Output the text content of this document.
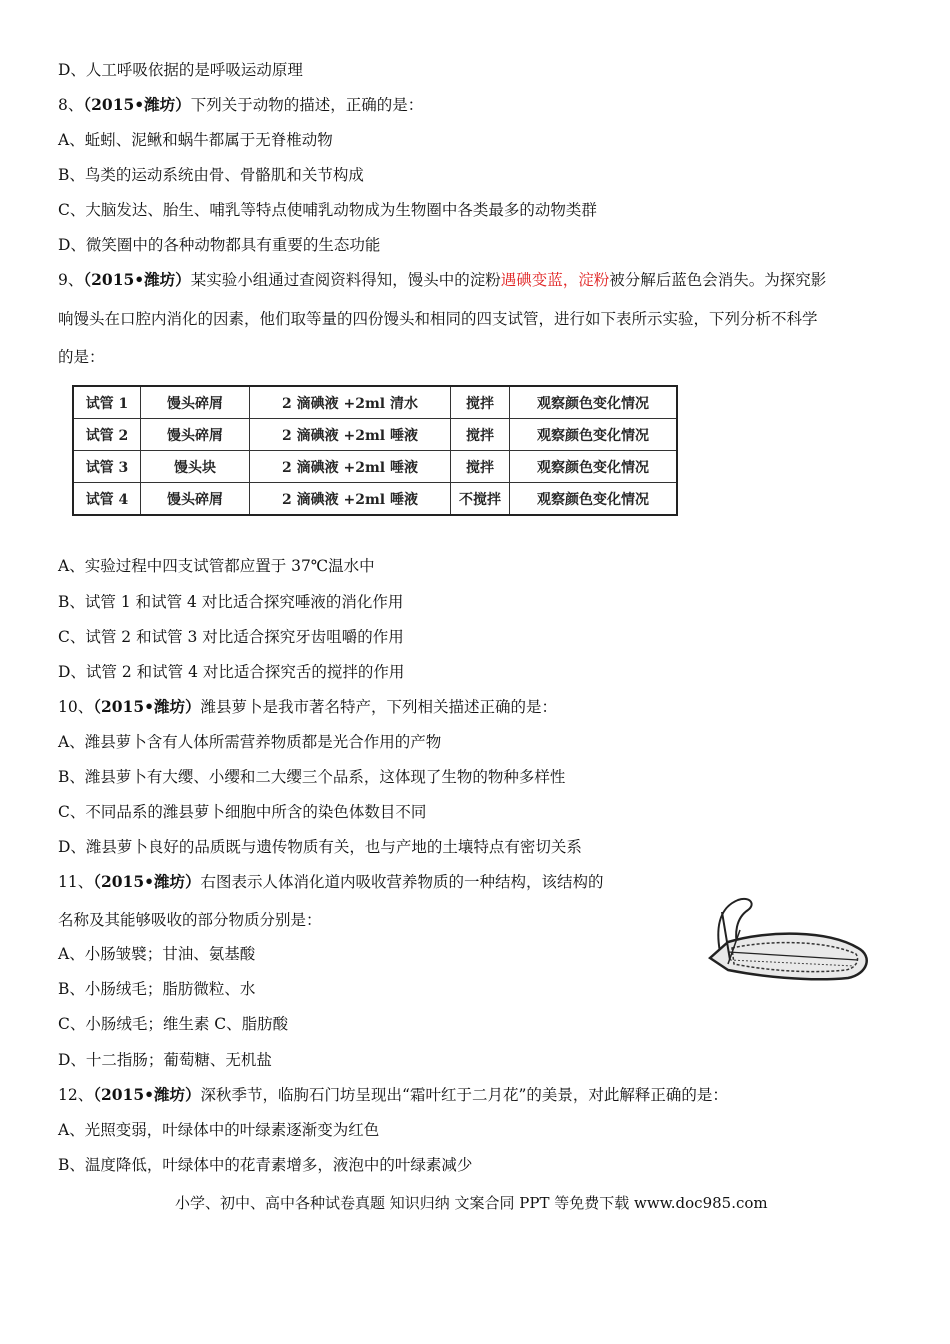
D、人工呼吸依据的是呼吸运动原理
8、（2015•潍坊）下列关于动物的描述，正确的是：
A、蚯蚓、泥鳅和蜗牛都属于无脊椎动物
B、鸟类的运动系统由骨、骨骼肌和关节构成
C、大脑发达、胎生、哺乳等特点使哺乳动物成为生物圈中各类最多的动物类群
D、微笑圈中的各种动物都具有重要的生态功能
9、（2015•潍坊）某实验小组通过查阅资料得知，馒头中的淀粉遇碘变蓝，淀粉被分解后蓝色会消失。为探究影
响馒头在口腔内消化的因素，他们取等量的四份馒头和相同的四支试管，进行如下表所示实验，下列分析不科学
的是：
试管 1	馒头碎屑	2 滴碘液 +2ml 清水	搅拌	观察颜色变化情况
试管 2	馒头碎屑	2 滴碘液 +2ml 唾液	搅拌	观察颜色变化情况
试管 3	馒头块	2 滴碘液 +2ml 唾液	搅拌	观察颜色变化情况
试管 4	馒头碎屑	2 滴碘液 +2ml 唾液	不搅拌	观察颜色变化情况
A、实验过程中四支试管都应置于 37℃温水中
B、试管 1 和试管 4 对比适合探究唾液的消化作用
C、试管 2 和试管 3 对比适合探究牙齿咀嚼的作用
D、试管 2 和试管 4 对比适合探究舌的搅拌的作用
10、（2015•潍坊）潍县萝卜是我市著名特产，下列相关描述正确的是：
A、潍县萝卜含有人体所需营养物质都是光合作用的产物
B、潍县萝卜有大缨、小缨和二大缨三个品系，这体现了生物的物种多样性
C、不同品系的潍县萝卜细胞中所含的染色体数目不同
D、潍县萝卜良好的品质既与遗传物质有关，也与产地的土壤特点有密切关系
11、（2015•潍坊）右图表示人体消化道内吸收营养物质的一种结构，该结构的
名称及其能够吸收的部分物质分别是：
A、小肠皱襞；甘油、氨基酸
B、小肠绒毛；脂肪微粒、水
C、小肠绒毛；维生素 C、脂肪酸
D、十二指肠；葡萄糖、无机盐
12、（2015•潍坊）深秋季节，临朐石门坊呈现出“霜叶红于二月花”的美景，对此解释正确的是：
A、光照变弱，叶绿体中的叶绿素逐渐变为红色
B、温度降低，叶绿体中的花青素增多，液泡中的叶绿素减少
小学、初中、高中各种试卷真题 知识归纳 文案合同 PPT 等免费下载 www.doc985.com
